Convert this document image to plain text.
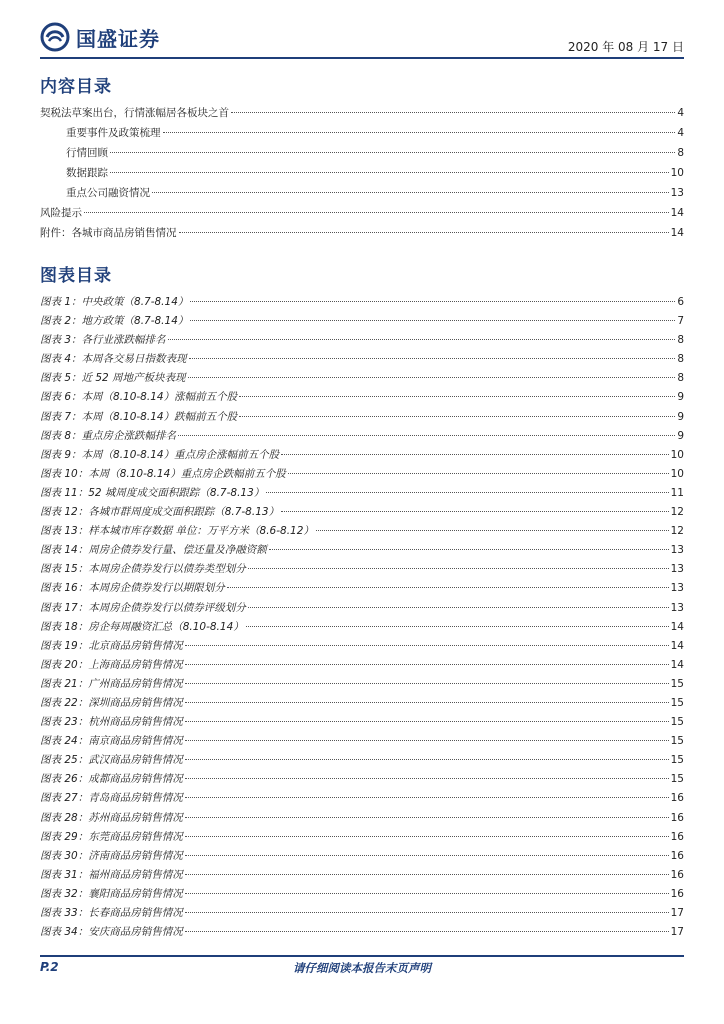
国盛证券	2020 年 08 月 17 日
内容目录
契税法草案出台，行情涨幅居各板块之首	4
重要事件及政策梳理	4
行情回顾	8
数据跟踪	10
重点公司融资情况	13
风险提示	14
附件：各城市商品房销售情况	14
图表目录
图表 1：中央政策（8.7-8.14）	6
图表 2：地方政策（8.7-8.14）	7
图表 3：各行业涨跌幅排名	8
图表 4：本周各交易日指数表现	8
图表 5：近 52 周地产板块表现	8
图表 6：本周（8.10-8.14）涨幅前五个股	9
图表 7：本周（8.10-8.14）跌幅前五个股	9
图表 8：重点房企涨跌幅排名	9
图表 9：本周（8.10-8.14）重点房企涨幅前五个股	10
图表 10：本周（8.10-8.14）重点房企跌幅前五个股	10
图表 11：52 城周度成交面积跟踪（8.7-8.13）	11
图表 12：各城市群周度成交面积跟踪（8.7-8.13）	12
图表 13：样本城市库存数据 单位：万平方米（8.6-8.12）	12
图表 14：周房企债券发行量、偿还量及净融资额	13
图表 15：本周房企债券发行以债券类型划分	13
图表 16：本周房企债券发行以期限划分	13
图表 17：本周房企债券发行以债券评级划分	13
图表 18：房企每周融资汇总（8.10-8.14）	14
图表 19：北京商品房销售情况	14
图表 20：上海商品房销售情况	14
图表 21：广州商品房销售情况	15
图表 22：深圳商品房销售情况	15
图表 23：杭州商品房销售情况	15
图表 24：南京商品房销售情况	15
图表 25：武汉商品房销售情况	15
图表 26：成都商品房销售情况	15
图表 27：青岛商品房销售情况	16
图表 28：苏州商品房销售情况	16
图表 29：东莞商品房销售情况	16
图表 30：济南商品房销售情况	16
图表 31：福州商品房销售情况	16
图表 32：襄阳商品房销售情况	16
图表 33：长春商品房销售情况	17
图表 34：安庆商品房销售情况	17
P.2	请仔细阅读本报告末页声明
